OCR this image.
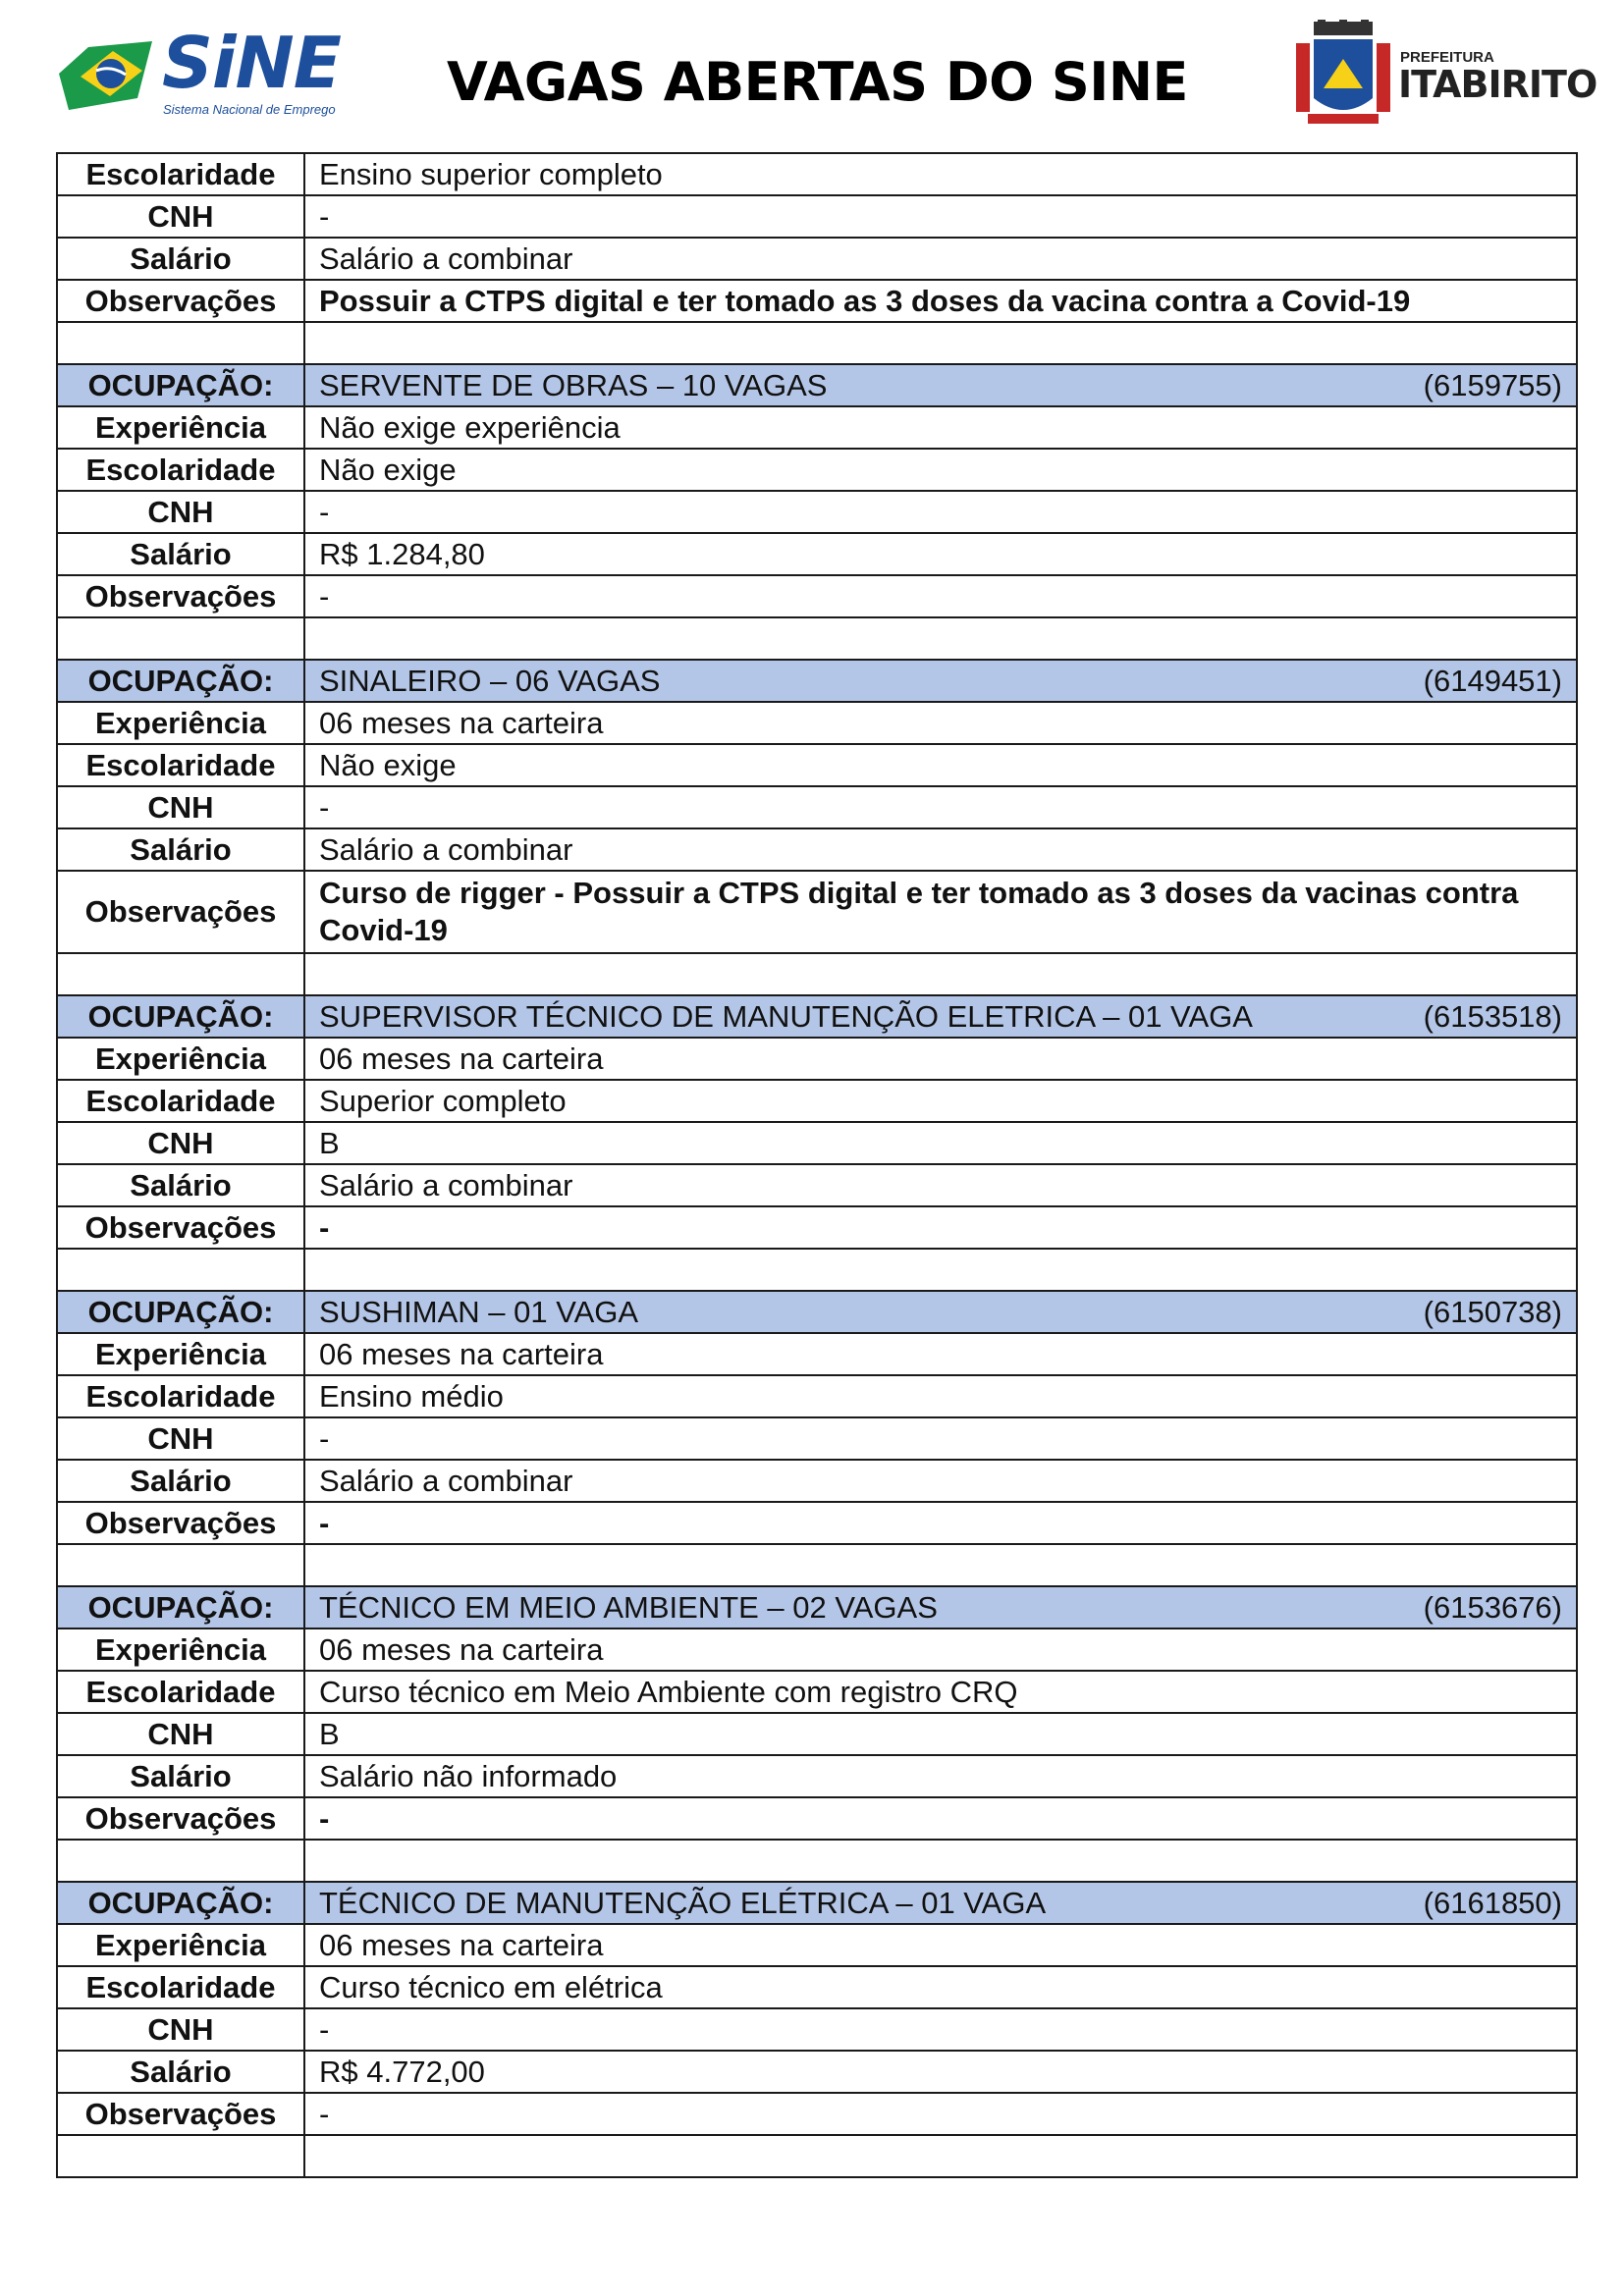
SiNE
Sistema Nacional de Emprego VAGAS ABERTAS DO SINE	PREFEITURA
ITABIRITO
Escolaridade	Ensino superior completo
CNH	-
Salário	Salário a combinar
Observações	Possuir a CTPS digital e ter tomado as 3 doses da vacina contra a Covid-19

OCUPAÇÃO:	SERVENTE DE OBRAS – 10 VAGAS (6159755)

Experiência	Não exige experiência
Escolaridade	Não exige
CNH	-
Salário	R$ 1.284,80
Observações	-

OCUPAÇÃO:	SINALEIRO – 06 VAGAS (6149451)

Experiência	06 meses na carteira
Escolaridade	Não exige
CNH	-
Salário	Salário a combinar
Observações	Curso de rigger - Possuir a CTPS digital e ter tomado as 3 doses da vacinas contra Covid-19

OCUPAÇÃO:	SUPERVISOR TÉCNICO DE MANUTENÇÃO ELETRICA – 01 VAGA (6153518)

Experiência	06 meses na carteira
Escolaridade	Superior completo
CNH	B
Salário	Salário a combinar
Observações	-

OCUPAÇÃO:	SUSHIMAN – 01 VAGA (6150738)

Experiência	06 meses na carteira
Escolaridade	Ensino médio
CNH	-
Salário	Salário a combinar
Observações	-

OCUPAÇÃO:	TÉCNICO EM MEIO AMBIENTE – 02 VAGAS (6153676)

Experiência	06 meses na carteira
Escolaridade	Curso técnico em Meio Ambiente com registro CRQ
CNH	B
Salário	Salário não informado
Observações	-

OCUPAÇÃO:	TÉCNICO DE MANUTENÇÃO ELÉTRICA – 01 VAGA (6161850)

Experiência	06 meses na carteira
Escolaridade	Curso técnico em elétrica
CNH	-
Salário	R$ 4.772,00
Observações	-
